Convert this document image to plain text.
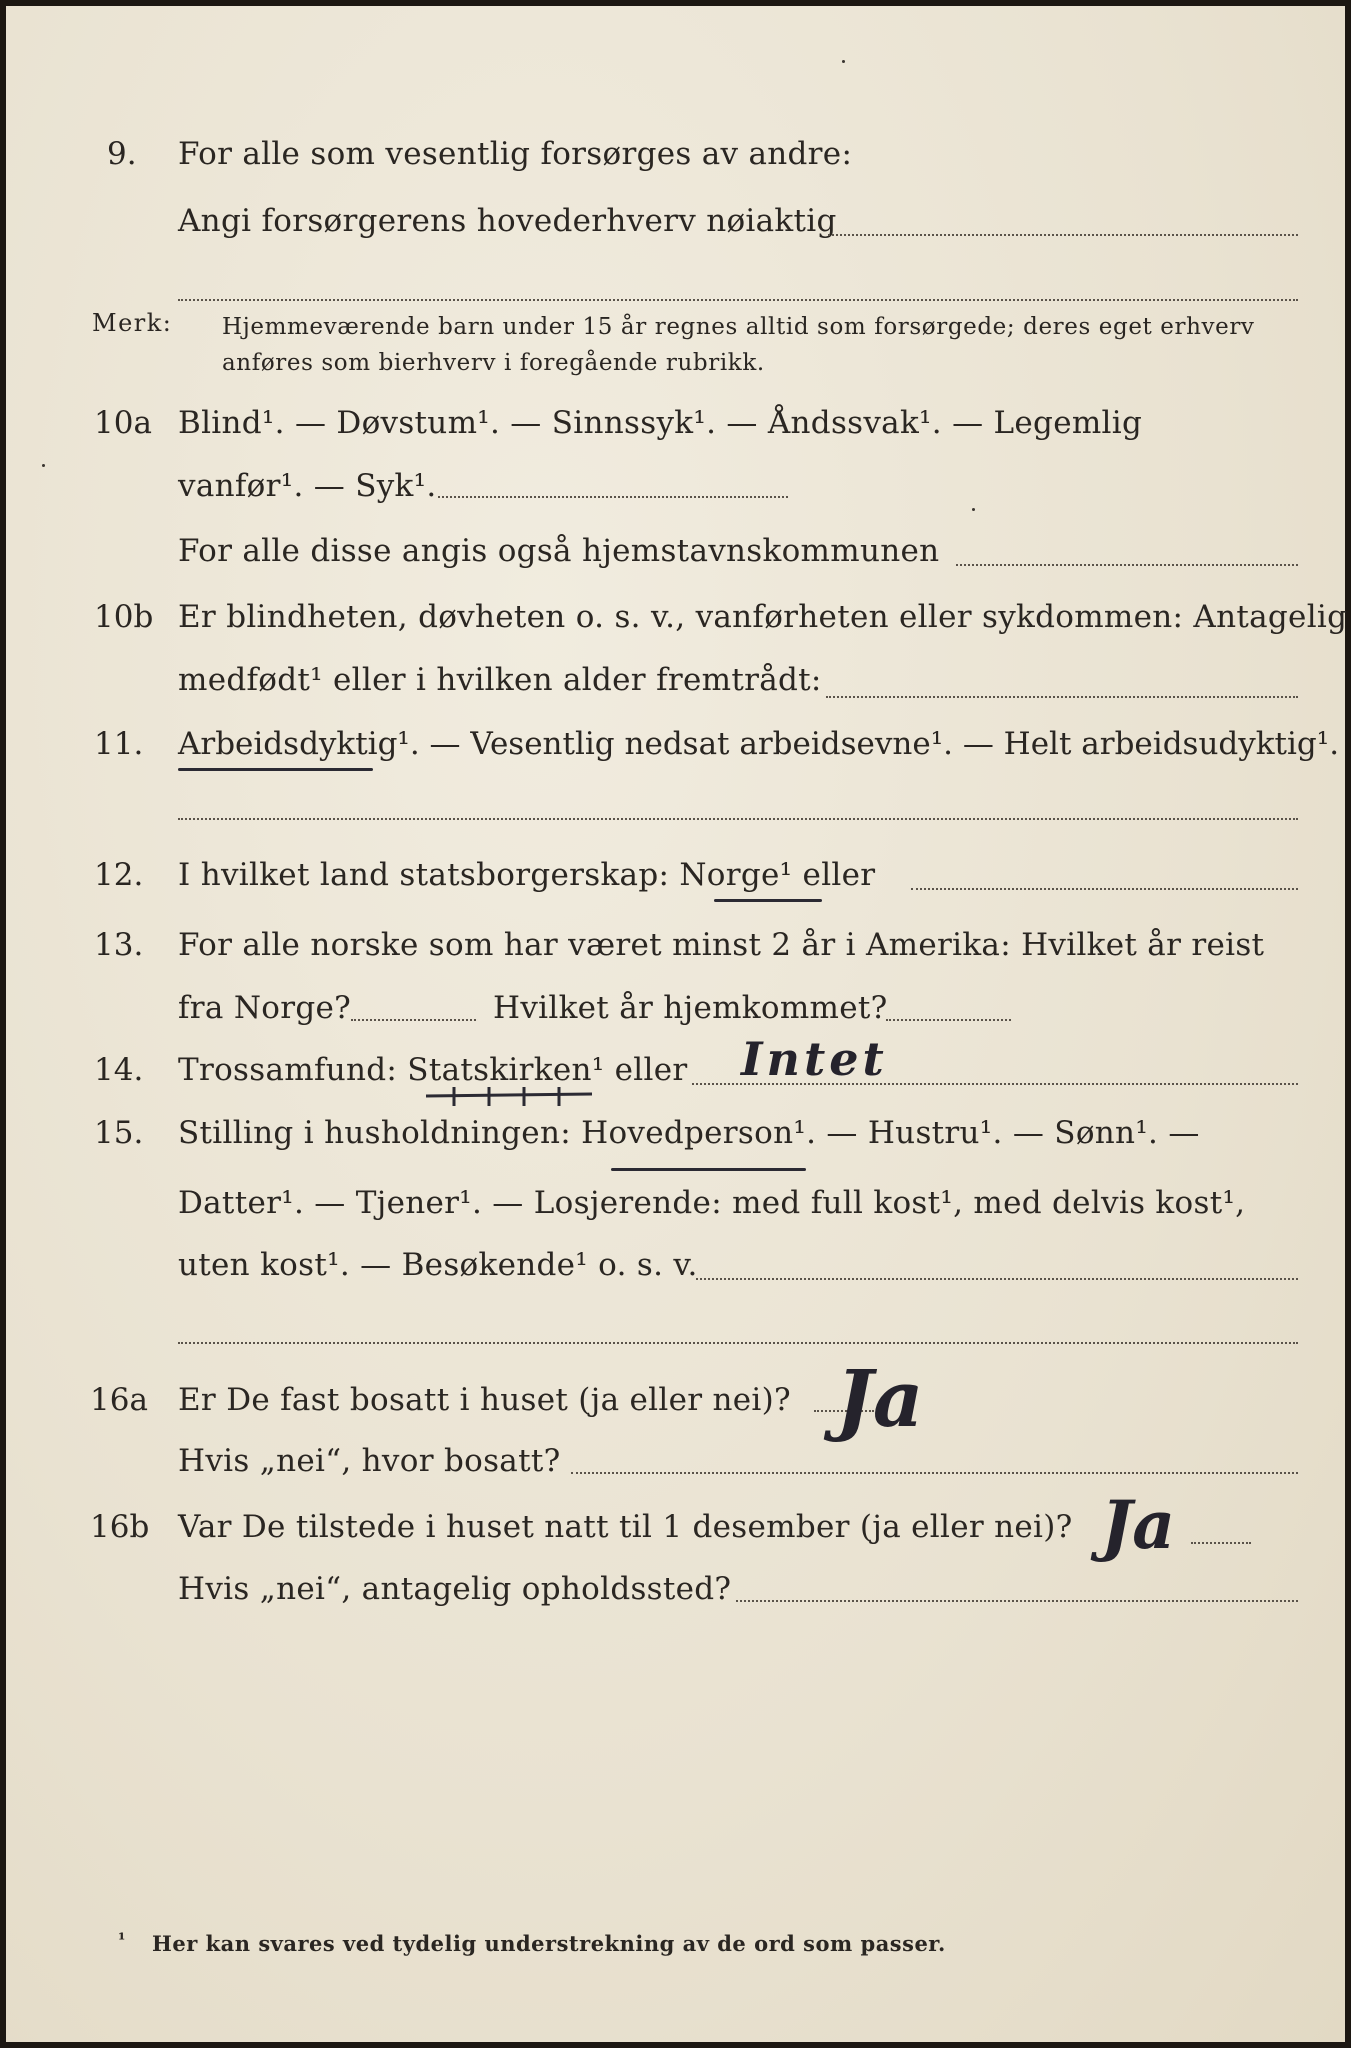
9. For alle som vesentlig forsørges av andre:
Angi forsørgerens hovederhverv nøiaktig
Merk: Hjemmeværende barn under 15 år regnes alltid som forsørgede; deres eget erhverv
anføres som bierhverv i foregående rubrikk.
10a Blind¹. — Døvstum¹. — Sinnssyk¹. — Åndssvak¹. — Legemlig
vanfør¹. — Syk¹.
For alle disse angis også hjemstavnskommunen
10b Er blindheten, døvheten o. s. v., vanførheten eller sykdommen: Antagelig
medfødt¹ eller i hvilken alder fremtrådt:
11. Arbeidsdyktig¹. — Vesentlig nedsat arbeidsevne¹. — Helt arbeidsudyktig¹.
12. I hvilket land statsborgerskap: Norge¹ eller
13. For alle norske som har været minst 2 år i Amerika: Hvilket år reist
fra Norge?	Hvilket år hjemkommet?
14. Trossamfund: Statskirken¹ eller Intet
15. Stilling i husholdningen: Hovedperson¹. — Hustru¹. — Sønn¹. —
Datter¹. — Tjener¹. — Losjerende: med full kost¹, med delvis kost¹,
uten kost¹. — Besøkende¹ o. s. v.
16a Er De fast bosatt i huset (ja eller nei)? Ja
Hvis „nei“, hvor bosatt?
16b Var De tilstede i huset natt til 1 desember (ja eller nei)? Ja
Hvis „nei“, antagelig opholdssted?
¹ Her kan svares ved tydelig understrekning av de ord som passer.
